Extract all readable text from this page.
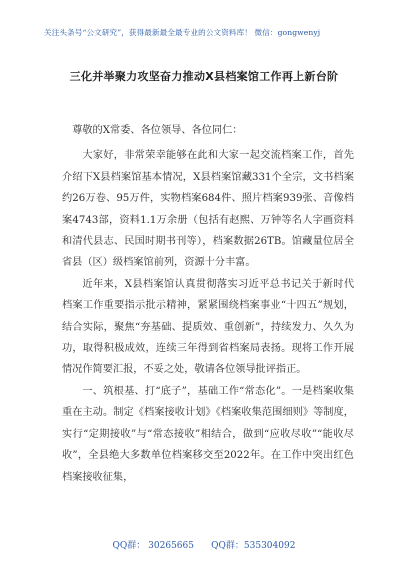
关注头条号“公文研究”，获得最新最全最专业的公文资料库！ 微信：gongwenyj
三化并举聚力攻坚奋力推动X县档案馆工作再上新台阶

尊敬的X常委、各位领导、各位同仁：

大家好，非常荣幸能够在此和大家一起交流档案工作，首先介绍下X县档案馆基本情况，X县档案馆藏331个全宗，文书档案约26万卷、95万件，实物档案684件、照片档案939张、音像档案4743部，资料1.1万余册（包括有赵熙、万钟等名人字画资料和清代县志、民国时期书刊等），档案数据26TB。馆藏量位居全省县（区）级档案馆前列，资源十分丰富。

近年来，X县档案馆认真贯彻落实习近平总书记关于新时代档案工作重要指示批示精神，紧紧围绕档案事业“十四五”规划，结合实际，聚焦“夯基础、提质效、重创新”，持续发力、久久为功，取得积极成效，连续三年得到省档案局表扬。现将工作开展情况作简要汇报，不妥之处，敬请各位领导批评指正。

一、筑根基、打“底子”，基础工作“常态化”。一是档案收集重在主动。制定《档案接收计划》《档案收集范围细则》等制度，实行“定期接收”与“常态接收”相结合，做到“应收尽收”“能收尽收”，全县绝大多数单位档案移交至2022年。在工作中突出红色档案接收征集，

QQ群： 30265665      QQ群：535304092
